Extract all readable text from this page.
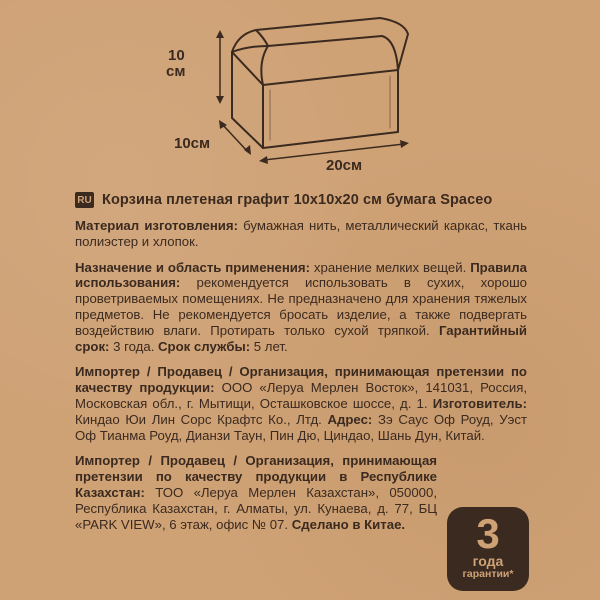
10
см
10см
20см
RU Корзина плетеная графит 10х10х20 см бумага Spaceo

Материал изготовления: бумажная нить, металлический каркас, ткань полиэстер и хлопок.

Назначение и область применения: хранение мелких вещей. Правила использования: рекомендуется использовать в сухих, хорошо проветриваемых помещениях. Не предназначено для хранения тяжелых предметов. Не рекомендуется бросать изделие, а также подвергать воздействию влаги. Протирать только сухой тряпкой. Гарантийный срок: 3 года. Срок службы: 5 лет.

Импортер / Продавец / Организация, принимающая претензии по качеству продукции: ООО «Леруа Мерлен Восток», 141031, Россия, Московская обл., г. Мытищи, Осташковское шоссе, д. 1. Изготовитель: Киндао Юи Лин Сорс Крафтс Ко., Лтд. Адрес: Зэ Саус Оф Роуд, Уэст Оф Тианма Роуд, Дианзи Таун, Пин Дю, Циндао, Шань Дун, Китай.

Импортер / Продавец / Организация, принимающая претензии по качеству продукции в Республике Казахстан: ТОО «Леруа Мерлен Казахстан», 050000, Республика Казахстан, г. Алматы, ул. Кунаева, д. 77, БЦ «PARK VIEW», 6 этаж, офис № 07. Сделано в Китае.	3
года
гарантии*
